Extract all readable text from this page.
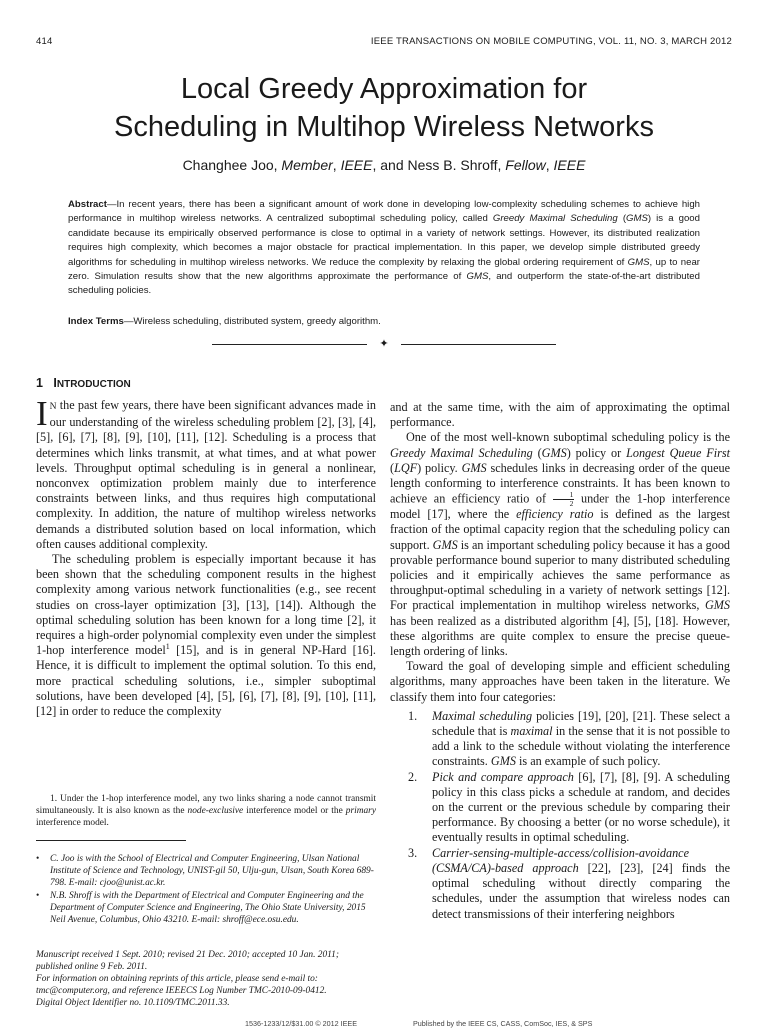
414	IEEE TRANSACTIONS ON MOBILE COMPUTING, VOL. 11, NO. 3, MARCH 2012
Local Greedy Approximation for
Scheduling in Multihop Wireless Networks
Changhee Joo, Member, IEEE, and Ness B. Shroff, Fellow, IEEE

Abstract—In recent years, there has been a significant amount of work done in developing low-complexity scheduling schemes to achieve high performance in multihop wireless networks. A centralized suboptimal scheduling policy, called Greedy Maximal Scheduling (GMS) is a good candidate because its empirically observed performance is close to optimal in a variety of network settings. However, its distributed realization requires high complexity, which becomes a major obstacle for practical implementation. In this paper, we develop simple distributed greedy algorithms for scheduling in multihop wireless networks. We reduce the complexity by relaxing the global ordering requirement of GMS, up to near zero. Simulation results show that the new algorithms approximate the performance of GMS, and outperform the state-of-the-art distributed scheduling policies.

Index Terms—Wireless scheduling, distributed system, greedy algorithm.

✦
1 INTRODUCTION

IN the past few years, there have been significant advances made in our understanding of the wireless scheduling problem [2], [3], [4], [5], [6], [7], [8], [9], [10], [11], [12]. Scheduling is a process that determines which links transmit, at what times, and at what power levels. Throughput optimal scheduling is in general a nonlinear, nonconvex optimization problem mainly due to interference constraints between links, and thus requires high computational complexity. In addition, the nature of multihop wireless networks demands a distributed solution based on local information, which often causes additional complexity.

The scheduling problem is especially important because it has been shown that the scheduling component results in the highest complexity among various network functionalities (e.g., see recent studies on cross-layer optimization [3], [13], [14]). Although the optimal scheduling solution has been known for a long time [2], it requires a high-order polynomial complexity even under the simplest 1-hop interference model$^1$ [15], and is in general NP-Hard [16]. Hence, it is difficult to implement the optimal solution. To this end, more practical scheduling solutions, i.e., simpler suboptimal solutions, have been developed [4], [5], [6], [7], [8], [9], [10], [11], [12] in order to reduce the complexity

and at the same time, with the aim of approximating the optimal performance.

One of the most well-known suboptimal scheduling policy is the Greedy Maximal Scheduling (GMS) policy or Longest Queue First (LQF) policy. GMS schedules links in decreasing order of the queue length conforming to interference constraints. It has been known to achieve an efficiency ratio of $\frac{1}{2}$ under the 1-hop interference model [17], where the efficiency ratio is defined as the largest fraction of the optimal capacity region that the scheduling policy can support. GMS is an important scheduling policy because it has a good provable performance bound superior to many distributed scheduling policies and it empirically achieves the same performance as throughput-optimal scheduling in a variety of network settings [12]. For practical implementation in multihop wireless networks, GMS has been realized as a distributed algorithm [4], [5], [18]. However, these algorithms are quite complex to ensure the precise queue-length ordering of links.

Toward the goal of developing simple and efficient scheduling algorithms, many approaches have been taken in the literature. We classify them into four categories:

1. Maximal scheduling policies [19], [20], [21]. These select a schedule that is maximal in the sense that it is not possible to add a link to the schedule without violating the interference constraints. GMS is an example of such policy.
2. Pick and compare approach [6], [7], [8], [9]. A scheduling policy in this class picks a schedule at random, and decides on the current or the previous schedule by comparing their performance. By choosing a better (or no worse schedule), it eventually results in optimal scheduling.
3. Carrier-sensing-multiple-access/collision-avoidance (CSMA/CA)-based approach [22], [23], [24] finds the optimal scheduling without directly comparing the schedules, under the assumption that wireless nodes can detect transmissions of their interfering neighbors

1. Under the 1-hop interference model, any two links sharing a node cannot transmit simultaneously. It is also known as the node-exclusive interference model or the primary interference model.

• C. Joo is with the School of Electrical and Computer Engineering, Ulsan National Institute of Science and Technology, UNIST-gil 50, Ulju-gun, Ulsan, South Korea 689-798. E-mail: cjoo@unist.ac.kr.
• N.B. Shroff is with the Department of Electrical and Computer Engineering and the Department of Computer Science and Engineering, The Ohio State University, 2015 Neil Avenue, Columbus, Ohio 43210. E-mail: shroff@ece.osu.edu.

Manuscript received 1 Sept. 2010; revised 21 Dec. 2010; accepted 10 Jan. 2011; published online 9 Feb. 2011.

For information on obtaining reprints of this article, please send e-mail to: tmc@computer.org, and reference IEEECS Log Number TMC-2010-09-0412.

Digital Object Identifier no. 10.1109/TMC.2011.33.

1536-1233/12/$31.00 © 2012 IEEE	Published by the IEEE CS, CASS, ComSoc, IES, & SPS
